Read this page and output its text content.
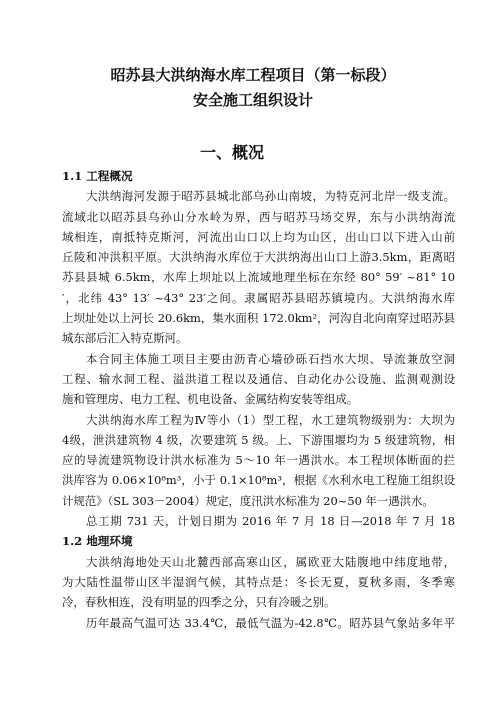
昭苏县大洪纳海水库工程项目（第一标段）
安全施工组织设计
一、概况
1.1 工程概况
大洪纳海河发源于昭苏县城北部乌孙山南坡，为特克河北岸一级支流。
流域北以昭苏县乌孙山分水岭为界，西与昭苏马场交界，东与小洪纳海流
域相连，南抵特克斯河，河流出山口以上均为山区，出山口以下进入山前
丘陵和冲洪积平原。大洪纳海水库位于大洪纳海出山口上游3.5km，距离昭
苏县县城 6.5km，水库上坝址以上流域地理坐标在东经 80° 59′ ~81° 10
′，北纬 43° 13′ ~43° 23′之间。隶属昭苏县昭苏镇境内。大洪纳海水库
上坝址处以上河长 20.6km，集水面积 172.0km²，河沟自北向南穿过昭苏县
城东部后汇入特克斯河。
本合同主体施工项目主要由沥青心墙砂砾石挡水大坝、导流兼放空洞
工程、输水洞工程、溢洪道工程以及通信、自动化办公设施、监测观测设
施和管理房、电力工程、机电设备、金属结构安装等组成。
大洪纳海水库工程为Ⅳ等小（1）型工程，水工建筑物级别为：大坝为
4级，泄洪建筑物 4 级，次要建筑 5 级。上、下游围堰均为 5 级建筑物，相
应的导流建筑物设计洪水标准为 5～10 年一遇洪水。本工程坝体断面的拦
洪库容为 0.06×10⁸m³，小于 0.1×10⁸m³，根据《水利水电工程施工组织设
计规范》（SL 303－2004）规定，度汛洪水标准为 20~50 年一遇洪水。
总工期 731 天，计划日期为 2016 年 7 月 18 日—2018 年 7 月 18
1.2 地理环境
大洪纳海地处天山北麓西部高寒山区，属欧亚大陆腹地中纬度地带，
为大陆性温带山区半湿润气候，其特点是：冬长无夏，夏秋多雨，冬季寒
冷，春秋相连，没有明显的四季之分，只有冷暖之别。
历年最高气温可达 33.4℃，最低气温为-42.8℃。昭苏县气象站多年平
